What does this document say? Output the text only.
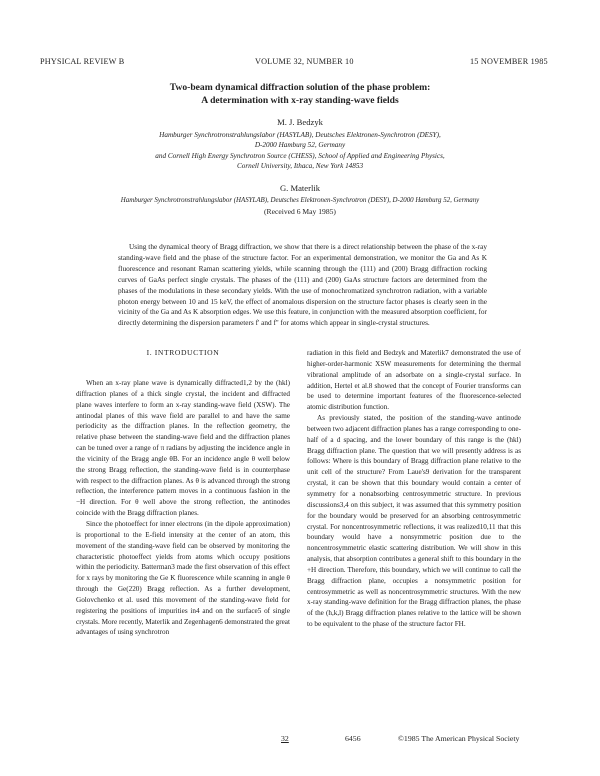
PHYSICAL REVIEW B	VOLUME 32, NUMBER 10	15 NOVEMBER 1985
Two-beam dynamical diffraction solution of the phase problem:
A determination with x-ray standing-wave fields
M. J. Bedzyk
Hamburger Synchrotronstrahlungslabor (HASYLAB), Deutsches Elektronen-Synchrotron (DESY),
D-2000 Hamburg 52, Germany
and Cornell High Energy Synchrotron Source (CHESS), School of Applied and Engineering Physics,
Cornell University, Ithaca, New York 14853
G. Materlik
Hamburger Synchrotronstrahlungslabor (HASYLAB), Deutsches Elektronen-Synchrotron (DESY), D-2000 Hamburg 52, Germany
(Received 6 May 1985)

Using the dynamical theory of Bragg diffraction, we show that there is a direct relationship between the phase of the x-ray standing-wave field and the phase of the structure factor. For an experimental demonstration, we monitor the Ga and As K fluorescence and resonant Raman scattering yields, while scanning through the (111) and (200) Bragg diffraction rocking curves of GaAs perfect single crystals. The phases of the (111) and (200) GaAs structure factors are determined from the phases of the modulations in these secondary yields. With the use of monochromatized synchrotron radiation, with a variable photon energy between 10 and 15 keV, the effect of anomalous dispersion on the structure factor phases is clearly seen in the vicinity of the Ga and As K absorption edges. We use this feature, in conjunction with the measured absorption coefficient, for directly determining the dispersion parameters f' and f'' for atoms which appear in single-crystal structures.

I. INTRODUCTION

When an x-ray plane wave is dynamically diffracted1,2 by the (hkl) diffraction planes of a thick single crystal, the incident and diffracted plane waves interfere to form an x-ray standing-wave field (XSW). The antinodal planes of this wave field are parallel to and have the same periodicity as the diffraction planes. In the reflection geometry, the relative phase between the standing-wave field and the diffraction planes can be tuned over a range of π radians by adjusting the incidence angle in the vicinity of the Bragg angle θB. For an incidence angle θ well below the strong Bragg reflection, the standing-wave field is in counterphase with respect to the diffraction planes. As θ is advanced through the strong reflection, the interference pattern moves in a continuous fashion in the −H direction. For θ well above the strong reflection, the antinodes coincide with the Bragg diffraction planes.

Since the photoeffect for inner electrons (in the dipole approximation) is proportional to the E-field intensity at the center of an atom, this movement of the standing-wave field can be observed by monitoring the characteristic photoeffect yields from atoms which occupy positions within the periodicity. Batterman3 made the first observation of this effect for x rays by monitoring the Ge K fluorescence while scanning in angle θ through the Ge(220) Bragg reflection. As a further development, Golovchenko et al. used this movement of the standing-wave field for registering the positions of impurities in4 and on the surface5 of single crystals. More recently, Materlik and Zegenhagen6 demonstrated the great advantages of using synchrotron

radiation in this field and Bedzyk and Materlik7 demonstrated the use of higher-order-harmonic XSW measurements for determining the thermal vibrational amplitude of an adsorbate on a single-crystal surface. In addition, Hertel et al.8 showed that the concept of Fourier transforms can be used to determine important features of the fluorescence-selected atomic distribution function.

As previously stated, the position of the standing-wave antinode between two adjacent diffraction planes has a range corresponding to one-half of a d spacing, and the lower boundary of this range is the (hkl) Bragg diffraction plane. The question that we will presently address is as follows: Where is this boundary of Bragg diffraction plane relative to the unit cell of the structure? From Laue's9 derivation for the transparent crystal, it can be shown that this boundary would contain a center of symmetry for a nonabsorbing centrosymmetric structure. In previous discussions3,4 on this subject, it was assumed that this symmetry position for the boundary would be preserved for an absorbing centrosymmetric crystal. For noncentrosymmetric reflections, it was realized10,11 that this boundary would have a nonsymmetric position due to the noncentrosymmetric elastic scattering distribution. We will show in this analysis, that absorption contributes a general shift to this boundary in the +H direction. Therefore, this boundary, which we will continue to call the Bragg diffraction plane, occupies a nonsymmetric position for centrosymmetric as well as noncentrosymmetric structures. With the new x-ray standing-wave definition for the Bragg diffraction planes, the phase of the (h,k,l) Bragg diffraction planes relative to the lattice will be shown to be equivalent to the phase of the structure factor FH.

32	6456	©1985 The American Physical Society
